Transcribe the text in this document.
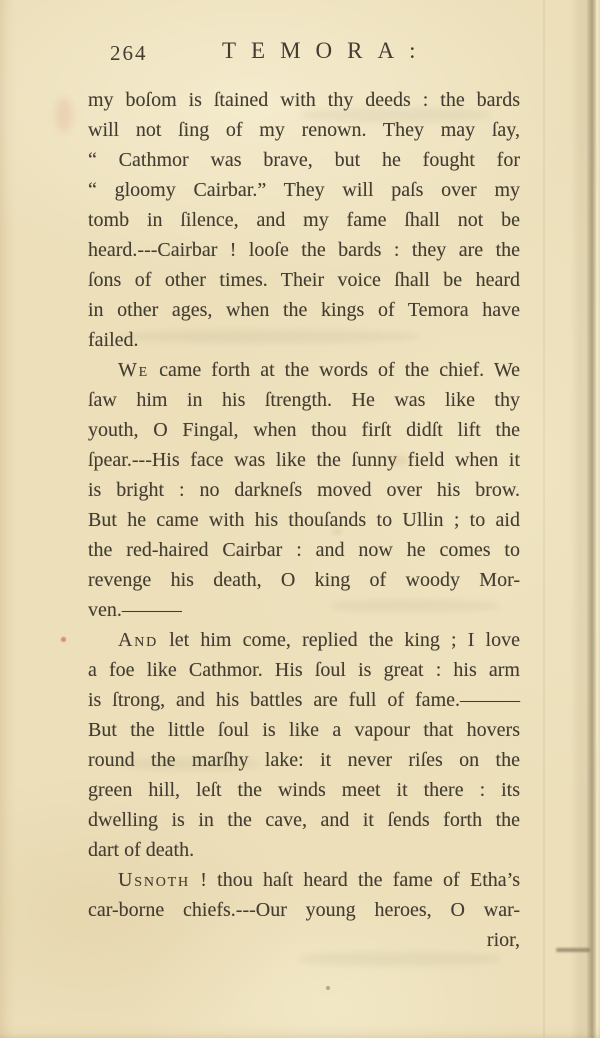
264	TEMORA:
my boſom is ſtained with thy deeds : the bards
will not ſing of my renown. They may ſay,
“ Cathmor was brave, but he fought for
“ gloomy Cairbar.” They will paſs over my
tomb in ſilence, and my fame ſhall not be
heard.---Cairbar ! looſe the bards : they are the
ſons of other times. Their voice ſhall be heard
in other ages, when the kings of Temora have
failed.
We came forth at the words of the chief. We
ſaw him in his ſtrength. He was like thy
youth, O Fingal, when thou firſt didſt lift the
ſpear.---His face was like the ſunny field when it
is bright : no darkneſs moved over his brow.
But he came with his thouſands to Ullin ; to aid
the red-haired Cairbar : and now he comes to
revenge his death, O king of woody Mor-
ven.———
And let him come, replied the king ; I love
a foe like Cathmor. His ſoul is great : his arm
is ſtrong, and his battles are full of fame.———
But the little ſoul is like a vapour that hovers
round the marſhy lake: it never riſes on the
green hill, leſt the winds meet it there : its
dwelling is in the cave, and it ſends forth the
dart of death.
Usnoth ! thou haſt heard the fame of Etha’s
car-borne chiefs.---Our young heroes, O war-
rior,
